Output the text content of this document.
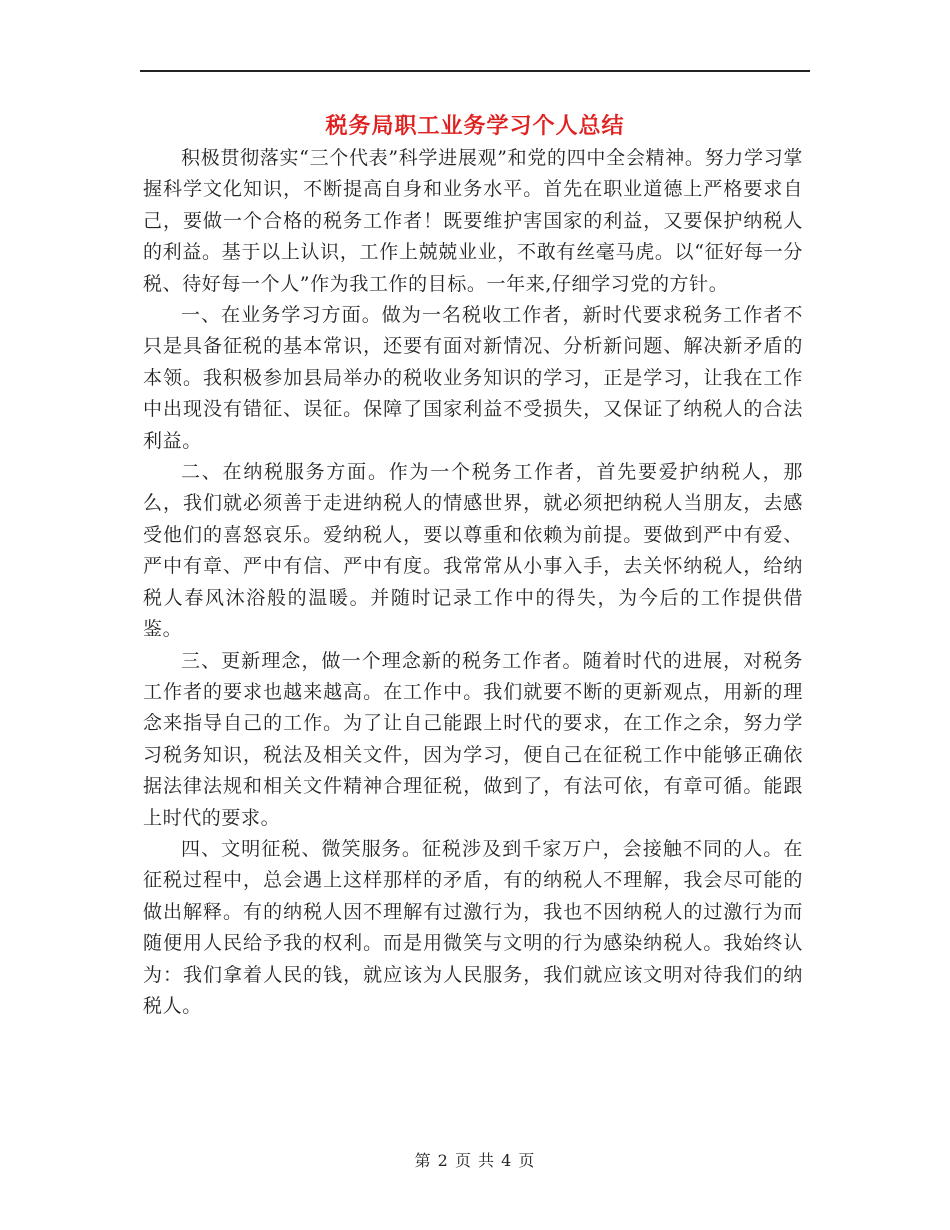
税务局职工业务学习个人总结

积极贯彻落实“三个代表”科学进展观”和党的四中全会精神。努力学习掌握科学文化知识，不断提高自身和业务水平。首先在职业道德上严格要求自己，要做一个合格的税务工作者！既要维护害国家的利益，又要保护纳税人的利益。基于以上认识，工作上兢兢业业，不敢有丝毫马虎。以“征好每一分税、待好每一个人”作为我工作的目标。一年来,仔细学习党的方针。

一、在业务学习方面。做为一名税收工作者，新时代要求税务工作者不只是具备征税的基本常识，还要有面对新情况、分析新问题、解决新矛盾的本领。我积极参加县局举办的税收业务知识的学习，正是学习，让我在工作中出现没有错征、误征。保障了国家利益不受损失，又保证了纳税人的合法利益。

二、在纳税服务方面。作为一个税务工作者，首先要爱护纳税人，那么，我们就必须善于走进纳税人的情感世界，就必须把纳税人当朋友，去感受他们的喜怒哀乐。爱纳税人，要以尊重和依赖为前提。要做到严中有爱、严中有章、严中有信、严中有度。我常常从小事入手，去关怀纳税人，给纳税人春风沐浴般的温暖。并随时记录工作中的得失，为今后的工作提供借鉴。

三、更新理念，做一个理念新的税务工作者。随着时代的进展，对税务工作者的要求也越来越高。在工作中。我们就要不断的更新观点，用新的理念来指导自己的工作。为了让自己能跟上时代的要求，在工作之余，努力学习税务知识，税法及相关文件，因为学习，便自己在征税工作中能够正确依据法律法规和相关文件精神合理征税，做到了，有法可依，有章可循。能跟上时代的要求。

四、文明征税、微笑服务。征税涉及到千家万户，会接触不同的人。在征税过程中，总会遇上这样那样的矛盾，有的纳税人不理解，我会尽可能的做出解释。有的纳税人因不理解有过激行为，我也不因纳税人的过激行为而随便用人民给予我的权利。而是用微笑与文明的行为感染纳税人。我始终认为：我们拿着人民的钱，就应该为人民服务，我们就应该文明对待我们的纳税人。

第 2 页 共 4 页
